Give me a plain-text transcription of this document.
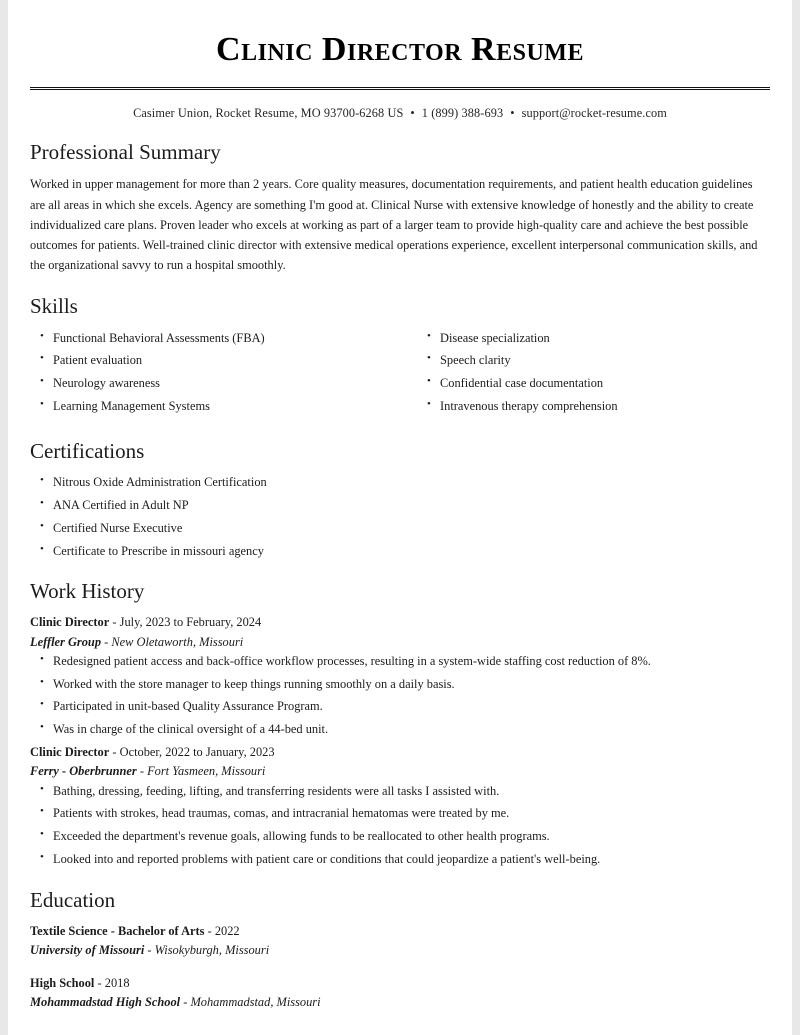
Clinic Director Resume
Casimer Union, Rocket Resume, MO 93700-6268 US • 1 (899) 388-693 • support@rocket-resume.com
Professional Summary

Worked in upper management for more than 2 years. Core quality measures, documentation requirements, and patient health education guidelines are all areas in which she excels. Agency are something I'm good at. Clinical Nurse with extensive knowledge of honestly and the ability to create individualized care plans. Proven leader who excels at working as part of a larger team to provide high-quality care and achieve the best possible outcomes for patients. Well-trained clinic director with extensive medical operations experience, excellent interpersonal communication skills, and the organizational savvy to run a hospital smoothly.

Skills
• Functional Behavioral Assessments (FBA)
• Patient evaluation
• Neurology awareness
• Learning Management Systems
• Disease specialization
• Speech clarity
• Confidential case documentation
• Intravenous therapy comprehension
Certifications
• Nitrous Oxide Administration Certification
• ANA Certified in Adult NP
• Certified Nurse Executive
• Certificate to Prescribe in missouri agency
Work History
Clinic Director - July, 2023 to February, 2024
Leffler Group - New Oletaworth, Missouri
• Redesigned patient access and back-office workflow processes, resulting in a system-wide staffing cost reduction of 8%.
• Worked with the store manager to keep things running smoothly on a daily basis.
• Participated in unit-based Quality Assurance Program.
• Was in charge of the clinical oversight of a 44-bed unit.
Clinic Director - October, 2022 to January, 2023
Ferry - Oberbrunner - Fort Yasmeen, Missouri
• Bathing, dressing, feeding, lifting, and transferring residents were all tasks I assisted with.
• Patients with strokes, head traumas, comas, and intracranial hematomas were treated by me.
• Exceeded the department's revenue goals, allowing funds to be reallocated to other health programs.
• Looked into and reported problems with patient care or conditions that could jeopardize a patient's well-being.
Education
Textile Science - Bachelor of Arts - 2022
University of Missouri - Wisokyburgh, Missouri
High School - 2018
Mohammadstad High School - Mohammadstad, Missouri
